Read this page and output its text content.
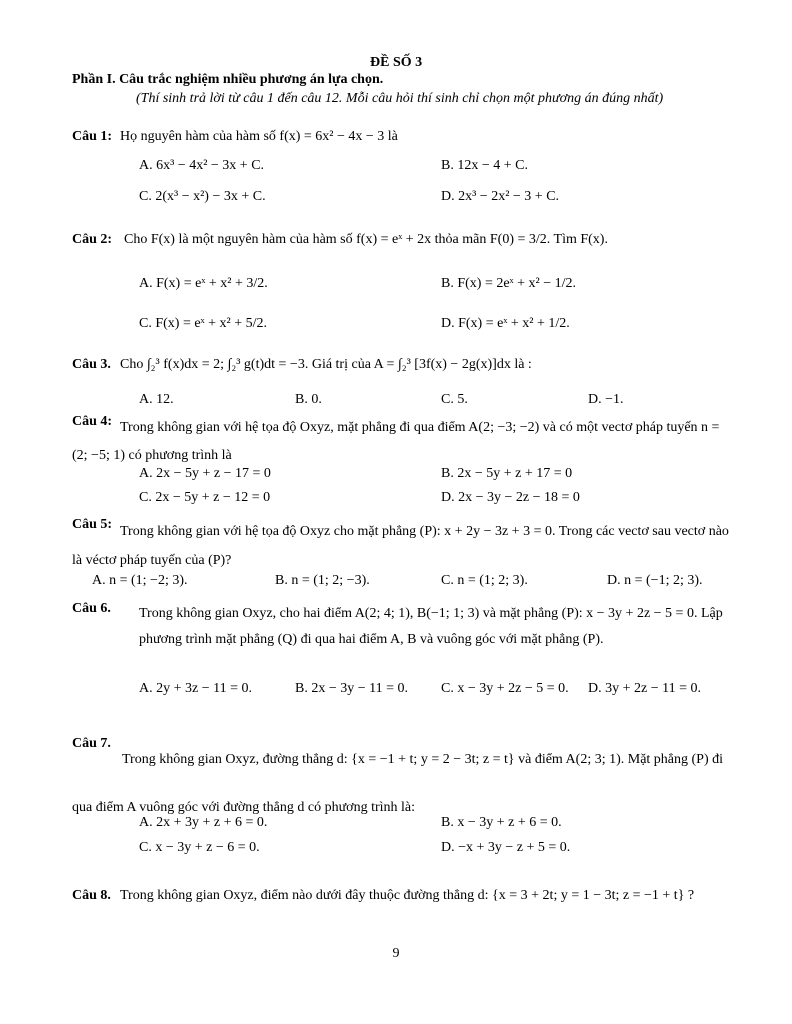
ĐỀ SỐ 3
Phần I. Câu trắc nghiệm nhiều phương án lựa chọn.
(Thí sinh trả lời từ câu 1 đến câu 12. Mỗi câu hỏi thí sinh chỉ chọn một phương án đúng nhất)
Câu 1: Họ nguyên hàm của hàm số f(x) = 6x² − 4x − 3 là
A. 6x³ − 4x² − 3x + C.	B. 12x − 4 + C.
C. 2(x³ − x²) − 3x + C.	D. 2x³ − 2x² − 3 + C.
Câu 2: Cho F(x) là một nguyên hàm của hàm số f(x) = eˣ + 2x thỏa mãn F(0) = 3/2. Tìm F(x).
A. F(x) = eˣ + x² + 3/2.	B. F(x) = 2eˣ + x² − 1/2.
C. F(x) = eˣ + x² + 5/2.	D. F(x) = eˣ + x² + 1/2.
Câu 3. Cho ∫₂³ f(x)dx = 2; ∫₂³ g(t)dt = −3. Giá trị của A = ∫₂³ [3f(x) − 2g(x)]dx là :
A. 12.	B. 0.	C. 5.	D. −1.
Câu 4: Trong không gian với hệ tọa độ Oxyz, mặt phẳng đi qua điểm A(2; −3; −2) và có một vectơ pháp tuyến n = (2; −5; 1) có phương trình là
A. 2x − 5y + z − 17 = 0	B. 2x − 5y + z + 17 = 0
C. 2x − 5y + z − 12 = 0	D. 2x − 3y − 2z − 18 = 0
Câu 5: Trong không gian với hệ tọa độ Oxyz cho mặt phẳng (P): x + 2y − 3z + 3 = 0. Trong các vectơ sau vectơ nào là véctơ pháp tuyến của (P)?
A. n = (1; −2; 3).	B. n = (1; 2; −3).	C. n = (1; 2; 3).	D. n = (−1; 2; 3).
Câu 6. Trong không gian Oxyz, cho hai điểm A(2; 4; 1), B(−1; 1; 3) và mặt phẳng (P): x − 3y + 2z − 5 = 0. Lập phương trình mặt phẳng (Q) đi qua hai điểm A, B và vuông góc với mặt phẳng (P).
A. 2y + 3z − 11 = 0.	B. 2x − 3y − 11 = 0. C. x − 3y + 2z − 5 = 0. D. 3y + 2z − 11 = 0.
Câu 7.
Trong không gian Oxyz, đường thẳng d: {x = −1 + t; y = 2 − 3t; z = t} và điểm A(2; 3; 1). Mặt phẳng (P) đi qua điểm A vuông góc với đường thẳng d có phương trình là:
A. 2x + 3y + z + 6 = 0.	B. x − 3y + z + 6 = 0.
C. x − 3y + z − 6 = 0.	D. −x + 3y − z + 5 = 0.
Câu 8. Trong không gian Oxyz, điểm nào dưới đây thuộc đường thẳng d: {x = 3 + 2t; y = 1 − 3t; z = −1 + t} ?
9
